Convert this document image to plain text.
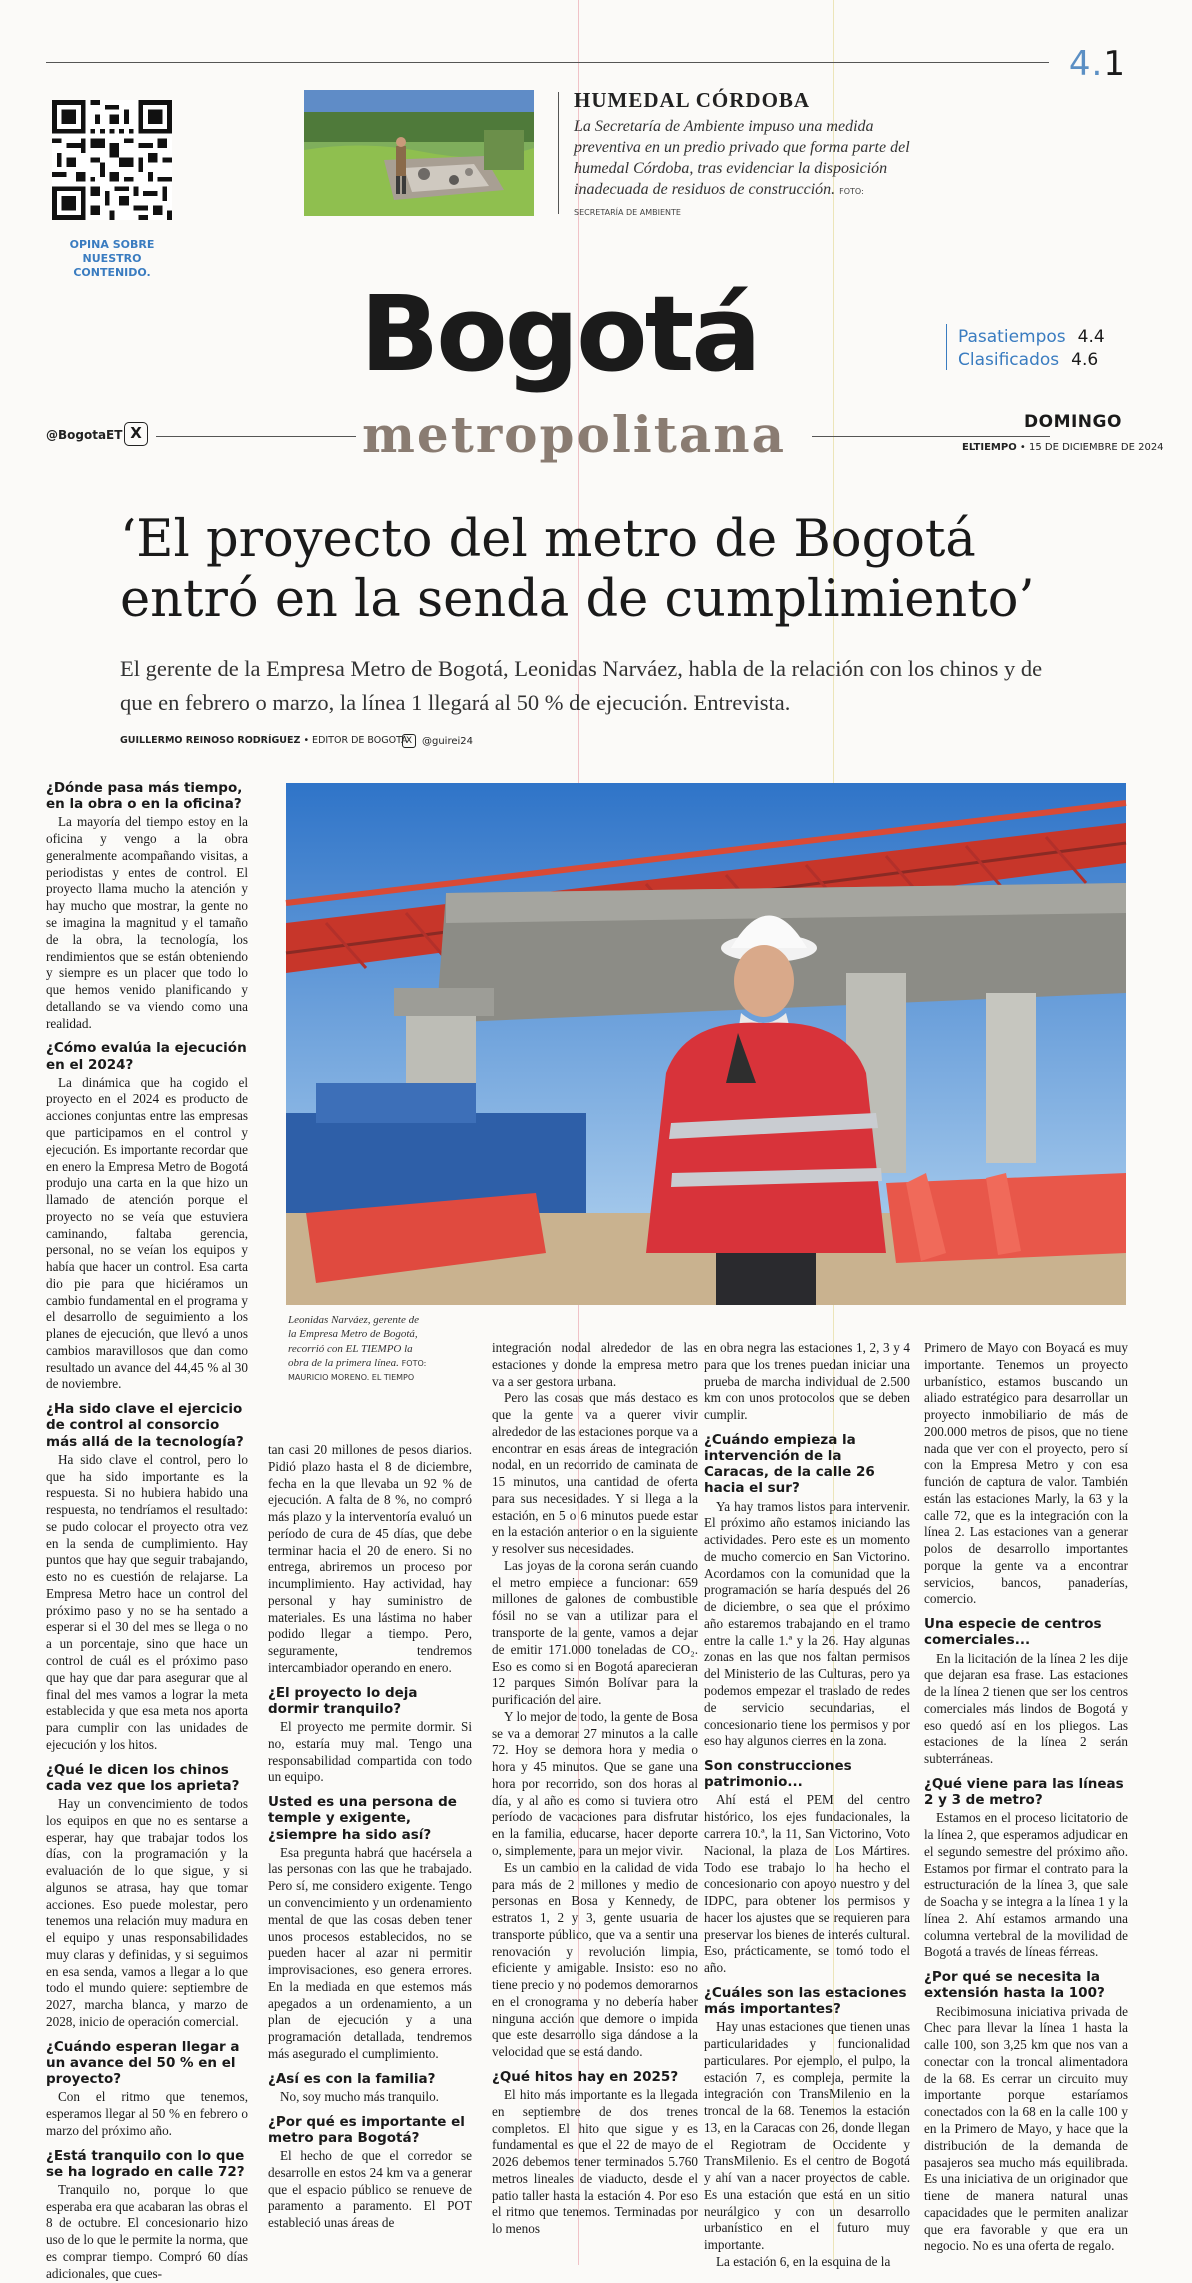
4.1
OPINA SOBRE NUESTRO CONTENIDO.
HUMEDAL CÓRDOBA
La Secretaría de Ambiente impuso una medida preventiva en un predio privado que forma parte del humedal Córdoba, tras evidenciar la disposición inadecuada de residuos de construcción. FOTO: SECRETARÍA DE AMBIENTE
Bogotá
metropolitana
Pasatiempos 4.4
Clasificados 4.6
@BogotaET X
DOMINGO
ELTIEMPO • 15 DE DICIEMBRE DE 2024
‘El proyecto del metro de Bogotá entró en la senda de cumplimiento’
El gerente de la Empresa Metro de Bogotá, Leonidas Narváez, habla de la relación con los chinos y de que en febrero o marzo, la línea 1 llegará al 50 % de ejecución. Entrevista.
GUILLERMO REINOSO RODRÍGUEZ • EDITOR DE BOGOTÁ
X @guirei24
Leonidas Narváez, gerente de la Empresa Metro de Bogotá, recorrió con EL TIEMPO la obra de la primera línea. FOTO: MAURICIO MORENO. EL TIEMPO
¿Dónde pasa más tiempo, en la obra o en la oficina?

La mayoría del tiempo estoy en la oficina y vengo a la obra generalmente acompañando visitas, a periodistas y entes de control. El proyecto llama mucho la atención y hay mucho que mostrar, la gente no se imagina la magnitud y el tamaño de la obra, la tecnología, los rendimientos que se están obteniendo y siempre es un placer que todo lo que hemos venido planificando y detallando se va viendo como una realidad.

¿Cómo evalúa la ejecución en el 2024?

La dinámica que ha cogido el proyecto en el 2024 es producto de acciones conjuntas entre las empresas que participamos en el control y ejecución. Es importante recordar que en enero la Empresa Metro de Bogotá produjo una carta en la que hizo un llamado de atención porque el proyecto no se veía que estuviera caminando, faltaba gerencia, personal, no se veían los equipos y había que hacer un control. Esa carta dio pie para que hiciéramos un cambio fundamental en el programa y el desarrollo de seguimiento a los planes de ejecución, que llevó a unos cambios maravillosos que dan como resultado un avance del 44,45 % al 30 de noviembre.

¿Ha sido clave el ejercicio de control al consorcio más allá de la tecnología?

Ha sido clave el control, pero lo que ha sido importante es la respuesta. Si no hubiera habido una respuesta, no tendríamos el resultado: se pudo colocar el proyecto otra vez en la senda de cumplimiento. Hay puntos que hay que seguir trabajando, esto no es cuestión de relajarse. La Empresa Metro hace un control del próximo paso y no se ha sentado a esperar si el 30 del mes se llega o no a un porcentaje, sino que hace un control de cuál es el próximo paso que hay que dar para asegurar que al final del mes vamos a lograr la meta establecida y que esa meta nos aporta para cumplir con las unidades de ejecución y los hitos.

¿Qué le dicen los chinos cada vez que los aprieta?

Hay un convencimiento de todos los equipos en que no es sentarse a esperar, hay que trabajar todos los días, con la programación y la evaluación de lo que sigue, y si algunos se atrasa, hay que tomar acciones. Eso puede molestar, pero tenemos una relación muy madura en el equipo y unas responsabilidades muy claras y definidas, y si seguimos en esa senda, vamos a llegar a lo que todo el mundo quiere: septiembre de 2027, marcha blanca, y marzo de 2028, inicio de operación comercial.

¿Cuándo esperan llegar a un avance del 50 % en el proyecto?

Con el ritmo que tenemos, esperamos llegar al 50 % en febrero o marzo del próximo año.

¿Está tranquilo con lo que se ha logrado en calle 72?

Tranquilo no, porque lo que esperaba era que acabaran las obras el 8 de octubre. El concesionario hizo uso de lo que le permite la norma, que es comprar tiempo. Compró 60 días adicionales, que cues-

tan casi 20 millones de pesos diarios. Pidió plazo hasta el 8 de diciembre, fecha en la que llevaba un 92 % de ejecución. A falta de 8 %, no compró más plazo y la interventoría evaluó un período de cura de 45 días, que debe terminar hacia el 20 de enero. Si no entrega, abriremos un proceso por incumplimiento. Hay actividad, hay personal y hay suministro de materiales. Es una lástima no haber podido llegar a tiempo. Pero, seguramente, tendremos intercambiador operando en enero.

¿El proyecto lo deja dormir tranquilo?

El proyecto me permite dormir. Si no, estaría muy mal. Tengo una responsabilidad compartida con todo un equipo.

Usted es una persona de temple y exigente, ¿siempre ha sido así?

Esa pregunta habrá que hacérsela a las personas con las que he trabajado. Pero sí, me considero exigente. Tengo un convencimiento y un ordenamiento mental de que las cosas deben tener unos procesos establecidos, no se pueden hacer al azar ni permitir improvisaciones, eso genera errores. En la mediada en que estemos más apegados a un ordenamiento, a un plan de ejecución y a una programación detallada, tendremos más asegurado el cumplimiento.

¿Así es con la familia?

No, soy mucho más tranquilo.

¿Por qué es importante el metro para Bogotá?

El hecho de que el corredor se desarrolle en estos 24 km va a generar que el espacio público se renueve de paramento a paramento. El POT estableció unas áreas de

integración nodal alrededor de las estaciones y donde la empresa metro va a ser gestora urbana.

Pero las cosas que más destaco es que la gente va a querer vivir alrededor de las estaciones porque va a encontrar en esas áreas de integración nodal, en un recorrido de caminata de 15 minutos, una cantidad de oferta para sus necesidades. Y si llega a la estación, en 5 o 6 minutos puede estar en la estación anterior o en la siguiente y resolver sus necesidades.

Las joyas de la corona serán cuando el metro empiece a funcionar: 659 millones de galones de combustible fósil no se van a utilizar para el transporte de la gente, vamos a dejar de emitir 171.000 toneladas de CO₂. Eso es como si en Bogotá aparecieran 12 parques Simón Bolívar para la purificación del aire.

Y lo mejor de todo, la gente de Bosa se va a demorar 27 minutos a la calle 72. Hoy se demora hora y media o hora y 45 minutos. Que se gane una hora por recorrido, son dos horas al día, y al año es como si tuviera otro período de vacaciones para disfrutar en la familia, educarse, hacer deporte o, simplemente, para un mejor vivir.

Es un cambio en la calidad de vida para más de 2 millones y medio de personas en Bosa y Kennedy, de estratos 1, 2 y 3, gente usuaria de transporte público, que va a sentir una renovación y revolución limpia, eficiente y amigable. Insisto: eso no tiene precio y no podemos demorarnos en el cronograma y no debería haber ninguna acción que demore o impida que este desarrollo siga dándose a la velocidad que se está dando.

¿Qué hitos hay en 2025?

El hito más importante es la llegada en septiembre de dos trenes completos. El hito que sigue y es fundamental es que el 22 de mayo de 2026 debemos tener terminados 5.760 metros lineales de viaducto, desde el patio taller hasta la estación 4. Por eso el ritmo que tenemos. Terminadas por lo menos

en obra negra las estaciones 1, 2, 3 y 4 para que los trenes puedan iniciar una prueba de marcha individual de 2.500 km con unos protocolos que se deben cumplir.

¿Cuándo empieza la intervención de la Caracas, de la calle 26 hacia el sur?

Ya hay tramos listos para intervenir. El próximo año estamos iniciando las actividades. Pero este es un momento de mucho comercio en San Victorino. Acordamos con la comunidad que la programación se haría después del 26 de diciembre, o sea que el próximo año estaremos trabajando en el tramo entre la calle 1.ª y la 26. Hay algunas zonas en las que nos faltan permisos del Ministerio de las Culturas, pero ya podemos empezar el traslado de redes de servicio secundarias, el concesionario tiene los permisos y por eso hay algunos cierres en la zona.

Son construcciones patrimonio...

Ahí está el PEM del centro histórico, los ejes fundacionales, la carrera 10.ª, la 11, San Victorino, Voto Nacional, la plaza de Los Mártires. Todo ese trabajo lo ha hecho el concesionario con apoyo nuestro y del IDPC, para obtener los permisos y hacer los ajustes que se requieren para preservar los bienes de interés cultural. Eso, prácticamente, se tomó todo el año.

¿Cuáles son las estaciones más importantes?

Hay unas estaciones que tienen unas particularidades y funcionalidad particulares. Por ejemplo, el pulpo, la estación 7, es compleja, permite la integración con TransMilenio en la troncal de la 68. Tenemos la estación 13, en la Caracas con 26, donde llegan el Regiotram de Occidente y TransMilenio. Es el centro de Bogotá y ahí van a nacer proyectos de cable. Es una estación que está en un sitio neurálgico y con un desarrollo urbanístico en el futuro muy importante.

La estación 6, en la esquina de la

Primero de Mayo con Boyacá es muy importante. Tenemos un proyecto urbanístico, estamos buscando un aliado estratégico para desarrollar un proyecto inmobiliario de más de 200.000 metros de pisos, que no tiene nada que ver con el proyecto, pero sí con la Empresa Metro y con esa función de captura de valor. También están las estaciones Marly, la 63 y la calle 72, que es la integración con la línea 2. Las estaciones van a generar polos de desarrollo importantes porque la gente va a encontrar servicios, bancos, panaderías, comercio.

Una especie de centros comerciales...

En la licitación de la línea 2 les dije que dejaran esa frase. Las estaciones de la línea 2 tienen que ser los centros comerciales más lindos de Bogotá y eso quedó así en los pliegos. Las estaciones de la línea 2 serán subterráneas.

¿Qué viene para las líneas 2 y 3 de metro?

Estamos en el proceso licitatorio de la línea 2, que esperamos adjudicar en el segundo semestre del próximo año. Estamos por firmar el contrato para la estructuración de la línea 3, que sale de Soacha y se integra a la línea 1 y la línea 2. Ahí estamos armando una columna vertebral de la movilidad de Bogotá a través de líneas férreas.

¿Por qué se necesita la extensión hasta la 100?

Recibimosuna iniciativa privada de Chec para llevar la línea 1 hasta la calle 100, son 3,25 km que nos van a conectar con la troncal alimentadora de la 68. Es cerrar un circuito muy importante porque estaríamos conectados con la 68 en la calle 100 y en la Primero de Mayo, y hace que la distribución de la demanda de pasajeros sea mucho más equilibrada. Es una iniciativa de un originador que tiene de manera natural unas capacidades que le permiten analizar que era favorable y que era un negocio. No es una oferta de regalo.
